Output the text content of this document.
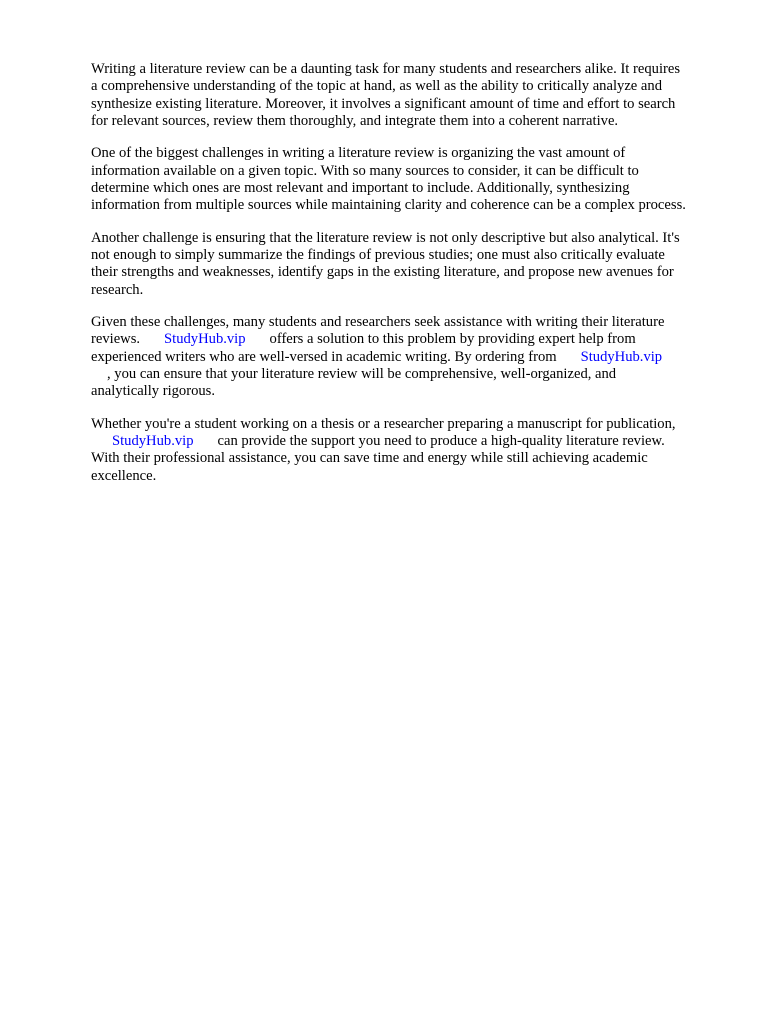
Writing a literature review can be a daunting task for many students and researchers alike. It requires
a comprehensive understanding of the topic at hand, as well as the ability to critically analyze and
synthesize existing literature. Moreover, it involves a significant amount of time and effort to search
for relevant sources, review them thoroughly, and integrate them into a coherent narrative.

One of the biggest challenges in writing a literature review is organizing the vast amount of
information available on a given topic. With so many sources to consider, it can be difficult to
determine which ones are most relevant and important to include. Additionally, synthesizing
information from multiple sources while maintaining clarity and coherence can be a complex process.

Another challenge is ensuring that the literature review is not only descriptive but also analytical. It's
not enough to simply summarize the findings of previous studies; one must also critically evaluate
their strengths and weaknesses, identify gaps in the existing literature, and propose new avenues for
research.

Given these challenges, many students and researchers seek assistance with writing their literature
reviews. StudyHub.vip offers a solution to this problem by providing expert help from
experienced writers who are well-versed in academic writing. By ordering from StudyHub.vip
, you can ensure that your literature review will be comprehensive, well-organized, and
analytically rigorous.

Whether you're a student working on a thesis or a researcher preparing a manuscript for publication,
StudyHub.vip can provide the support you need to produce a high-quality literature review.
With their professional assistance, you can save time and energy while still achieving academic
excellence.
